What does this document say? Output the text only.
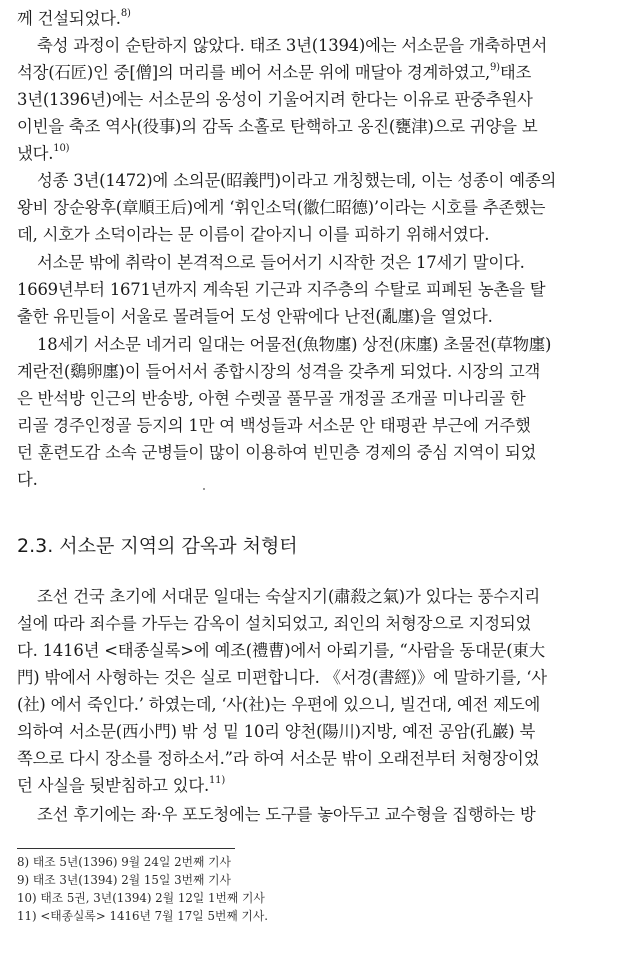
께 건설되었다.$^{8)}$
축성 과정이 순탄하지 않았다. 태조 3년(1394)에는 서소문을 개축하면서
석장(石匠)인 중[僧]의 머리를 베어 서소문 위에 매달아 경계하였고,$^{9)}$태조
3년(1396년)에는 서소문의 옹성이 기울어지려 한다는 이유로 판중추원사
이빈을 축조 역사(役事)의 감독 소홀로 탄핵하고 옹진(甕津)으로 귀양을 보
냈다.$^{10)}$
성종 3년(1472)에 소의문(昭義門)이라고 개칭했는데, 이는 성종이 예종의
왕비 장순왕후(章順王后)에게 ‘휘인소덕(徽仁昭德)’이라는 시호를 추존했는
데, 시호가 소덕이라는 문 이름이 같아지니 이를 피하기 위해서였다.
서소문 밖에 취락이 본격적으로 들어서기 시작한 것은 17세기 말이다.
1669년부터 1671년까지 계속된 기근과 지주층의 수탈로 피폐된 농촌을 탈
출한 유민들이 서울로 몰려들어 도성 안팎에다 난전(亂廛)을 열었다.
18세기 서소문 네거리 일대는 어물전(魚物廛) 상전(床廛) 초물전(草物廛)
계란전(鷄卵廛)이 들어서서 종합시장의 성격을 갖추게 되었다. 시장의 고객
은 반석방 인근의 반송방, 아현 수렛골 풀무골 개정골 조개골 미나리골 한
리골 경주인정골 등지의 1만 여 백성들과 서소문 안 태평관 부근에 거주했
던 훈련도감 소속 군병들이 많이 이용하여 빈민층 경제의 중심 지역이 되었
다.
2.3. 서소문 지역의 감옥과 처형터
조선 건국 초기에 서대문 일대는 숙살지기(肅殺之氣)가 있다는 풍수지리
설에 따라 죄수를 가두는 감옥이 설치되었고, 죄인의 처형장으로 지정되었
다. 1416년 <태종실록>에 예조(禮曹)에서 아뢰기를, “사람을 동대문(東大
門) 밖에서 사형하는 것은 실로 미편합니다. 《서경(書經)》에 말하기를, ‘사
(社) 에서 죽인다.’ 하였는데, ‘사(社)는 우편에 있으니, 빌건대, 예전 제도에
의하여 서소문(西小門) 밖 성 밑 10리 양천(陽川)지방, 예전 공암(孔巖) 북
쪽으로 다시 장소를 정하소서.”라 하여 서소문 밖이 오래전부터 처형장이었
던 사실을 뒷받침하고 있다.$^{11)}$
조선 후기에는 좌·우 포도청에는 도구를 놓아두고 교수형을 집행하는 방
8) 태조 5년(1396) 9월 24일 2번째 기사
9) 태조 3년(1394) 2월 15일 3번째 기사
10) 태조 5권, 3년(1394) 2월 12일 1번째 기사
11) <태종실록> 1416년 7월 17일 5번째 기사.
